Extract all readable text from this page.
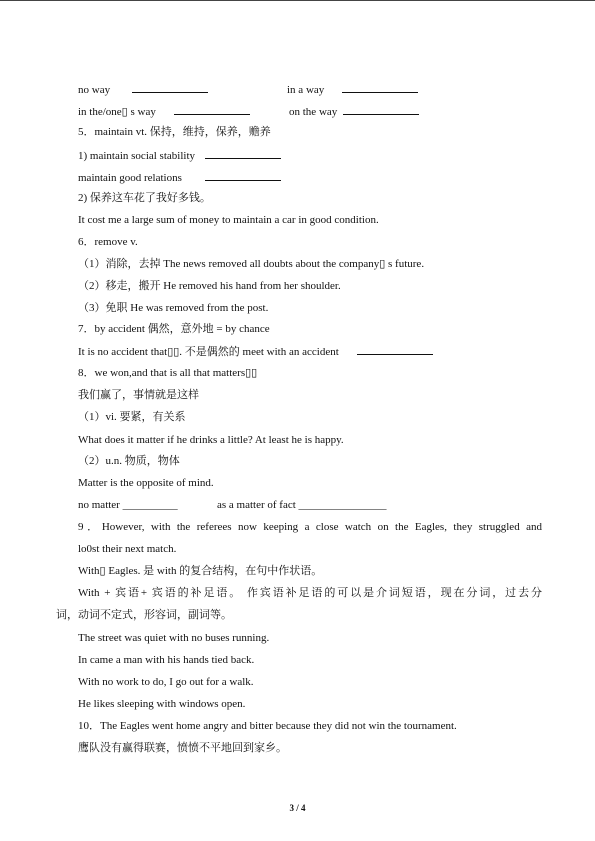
no way	in a way
in the/one▯ s way	on the way
5．maintain vt. 保持，维持，保养，赡养
1) maintain social stability
maintain good relations
2) 保养这车花了我好多钱。
It cost me a large sum of money to maintain a car in good condition.
6．remove v.
（1）消除，去掉 The news removed all doubts about the company▯ s future.
（2）移走，搬开 He removed his hand from her shoulder.
（3）免职 He was removed from the post.
7．by accident 偶然，意外地 = by chance
It is no accident that▯▯. 不是偶然的 meet with an accident
8．we won,and that is all that matters▯▯
我们赢了，事情就是这样
（1）vi. 要紧，有关系
What does it matter if he drinks a little? At least he is happy.
（2）u.n. 物质，物体
Matter is the opposite of mind.
no matter __________	as a matter of fact ________________
9．However, with the referees now keeping a close watch on the Eagles, they struggled and
lo0st their next match.
With▯ Eagles. 是 with 的复合结构，在句中作状语。
With + 宾语+ 宾语的补足语。 作宾语补足语的可以是介词短语，现在分词，过去分
词，动词不定式，形容词，副词等。
The street was quiet with no buses running.
In came a man with his hands tied back.
With no work to do, I go out for a walk.
He likes sleeping with windows open.
10．The Eagles went home angry and bitter because they did not win the tournament.
鹰队没有赢得联赛，愤愤不平地回到家乡。
3 / 4
